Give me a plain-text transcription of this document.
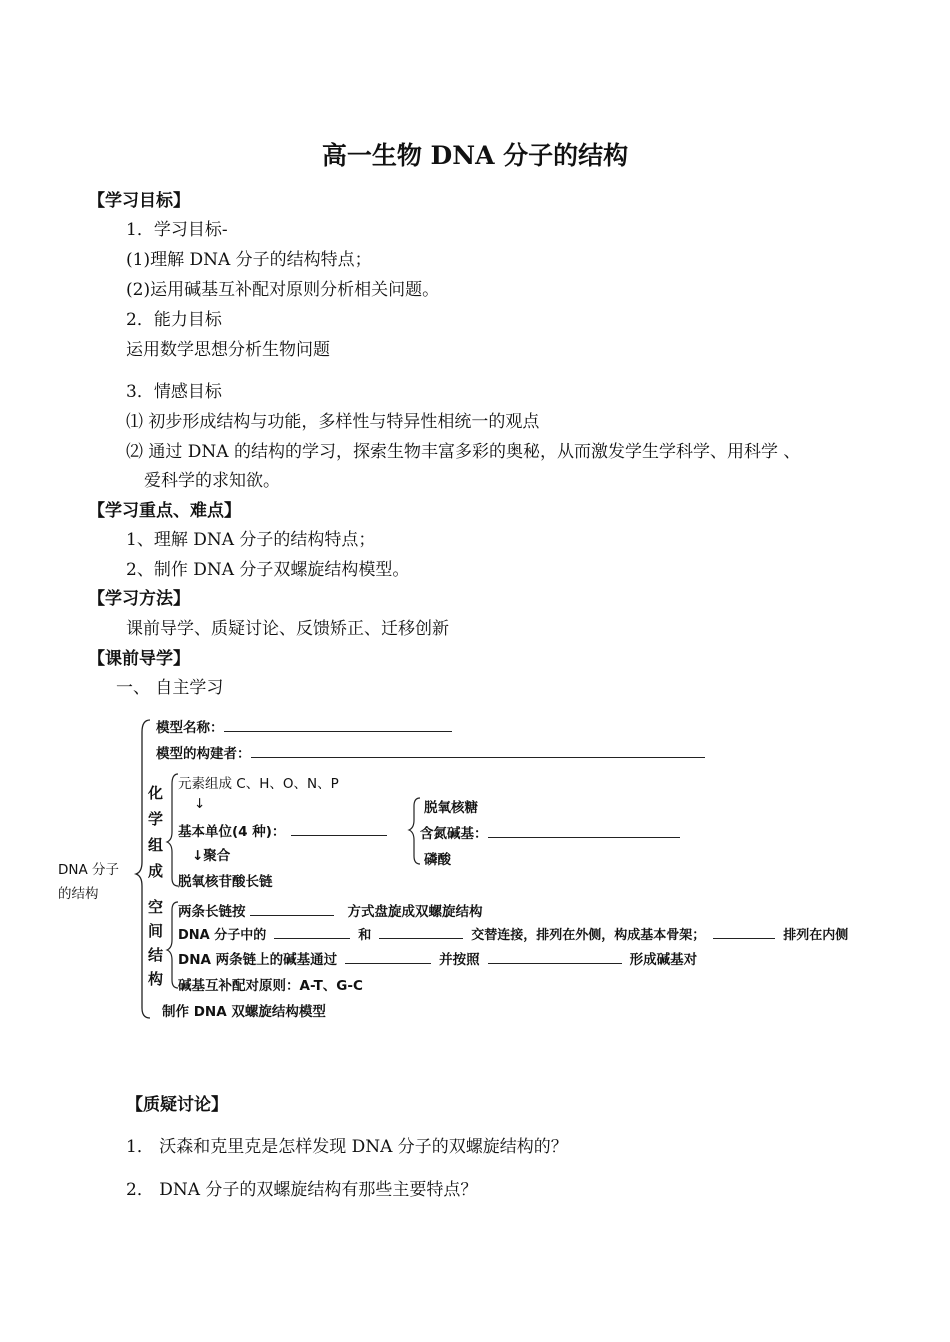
高一生物 DNA 分子的结构
【学习目标】
1．学习目标-
(1)理解 DNA 分子的结构特点；
(2)运用碱基互补配对原则分析相关问题。
2．能力目标
运用数学思想分析生物问题
3．情感目标
⑴ 初步形成结构与功能，多样性与特异性相统一的观点
⑵ 通过 DNA 的结构的学习，探索生物丰富多彩的奥秘，从而激发学生学科学、用科学 、
爱科学的求知欲。
【学习重点、难点】
1、理解 DNA 分子的结构特点；
2、制作 DNA 分子双螺旋结构模型。
【学习方法】
课前导学、质疑讨论、反馈矫正、迁移创新
【课前导学】
一、 自主学习
DNA 分子
的结构
模型名称：
模型的构建者：
化
学
组
成
元素组成 C、H、O、N、P
↓
基本单位(4 种)：
↓聚合
脱氧核苷酸长链
脱氧核糖
含氮碱基：
磷酸
空
间
结
构
两条长链按	方式盘旋成双螺旋结构
DNA 分子中的	和	交替连接，排列在外侧，构成基本骨架；	排列在内侧
DNA 两条链上的碱基通过	并按照	形成碱基对
碱基互补配对原则：A-T、G-C
制作 DNA 双螺旋结构模型
【质疑讨论】
1． 沃森和克里克是怎样发现 DNA 分子的双螺旋结构的？
2． DNA 分子的双螺旋结构有那些主要特点？
